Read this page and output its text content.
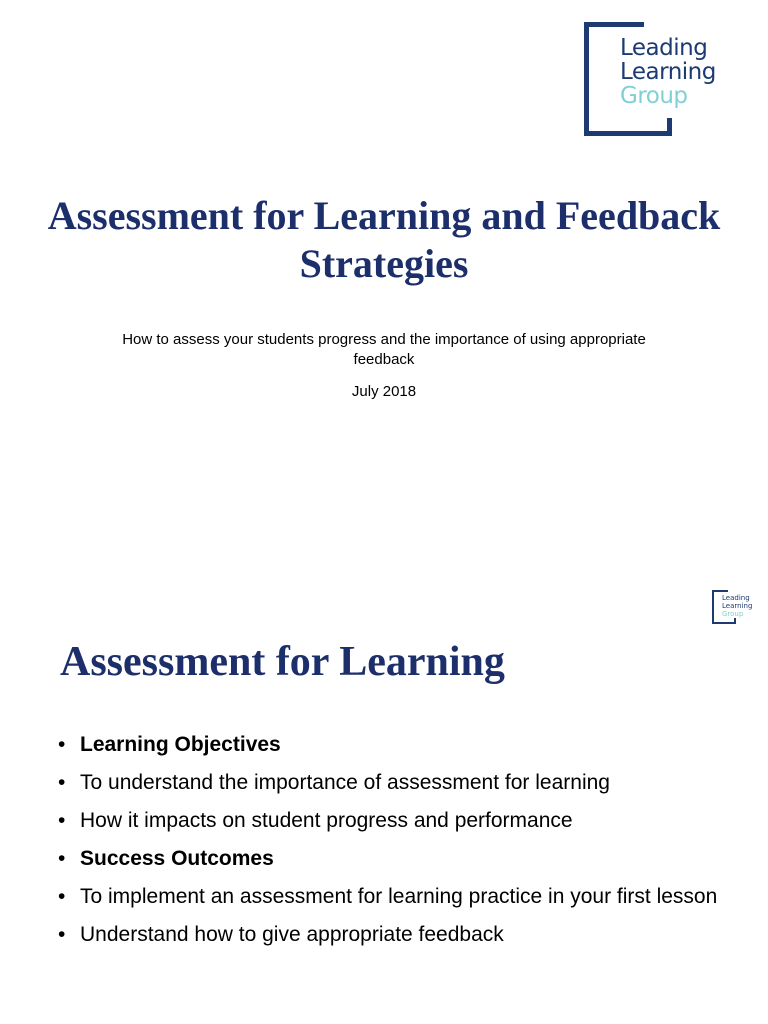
Leading
Learning
Group
Assessment for Learning and Feedback Strategies

How to assess your students progress and the importance of using appropriate feedback

July 2018

Leading
Learning
Group
Assessment for Learning
• Learning Objectives
• To understand the importance of assessment for learning
• How it impacts on student progress and performance
• Success Outcomes
• To implement an assessment for learning practice in your first lesson
• Understand how to give appropriate feedback
